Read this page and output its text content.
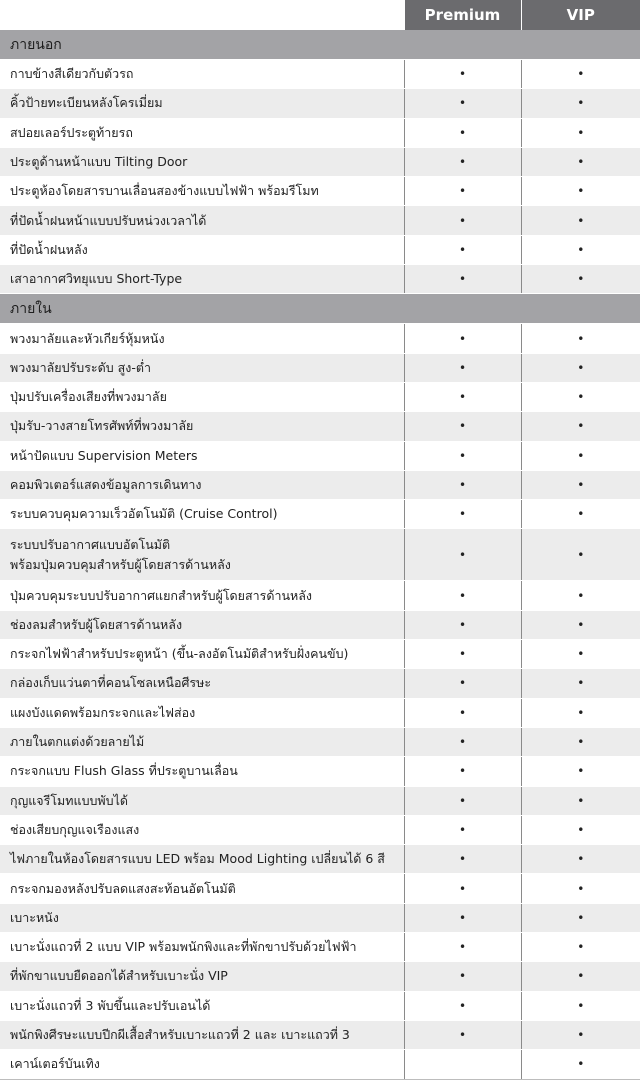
	Premium	VIP
ภายนอก		
กาบข้างสีเดียวกับตัวรถ	•	•
คิ้วป้ายทะเบียนหลังโครเมี่ยม	•	•
สปอยเลอร์ประตูท้ายรถ	•	•
ประตูด้านหน้าแบบ Tilting Door	•	•
ประตูห้องโดยสารบานเลื่อนสองข้างแบบไฟฟ้า พร้อมรีโมท	•	•
ที่ปัดน้ำฝนหน้าแบบปรับหน่วงเวลาได้	•	•
ที่ปัดน้ำฝนหลัง	•	•
เสาอากาศวิทยุแบบ Short-Type	•	•
ภายใน		
พวงมาลัยและหัวเกียร์หุ้มหนัง	•	•
พวงมาลัยปรับระดับ สูง-ต่ำ	•	•
ปุ่มปรับเครื่องเสียงที่พวงมาลัย	•	•
ปุ่มรับ-วางสายโทรศัพท์ที่พวงมาลัย	•	•
หน้าปัดแบบ Supervision Meters	•	•
คอมพิวเตอร์แสดงข้อมูลการเดินทาง	•	•
ระบบควบคุมความเร็วอัตโนมัติ (Cruise Control)	•	•
ระบบปรับอากาศแบบอัตโนมัติ
พร้อมปุ่มควบคุมสำหรับผู้โดยสารด้านหลัง	•	•
ปุ่มควบคุมระบบปรับอากาศแยกสำหรับผู้โดยสารด้านหลัง	•	•
ช่องลมสำหรับผู้โดยสารด้านหลัง	•	•
กระจกไฟฟ้าสำหรับประตูหน้า (ขึ้น-ลงอัตโนมัติสำหรับฝั่งคนขับ)	•	•
กล่องเก็บแว่นตาที่คอนโซลเหนือศีรษะ	•	•
แผงบังแดดพร้อมกระจกและไฟส่อง	•	•
ภายในตกแต่งด้วยลายไม้	•	•
กระจกแบบ Flush Glass ที่ประตูบานเลื่อน	•	•
กุญแจรีโมทแบบพับได้	•	•
ช่องเสียบกุญแจเรืองแสง	•	•
ไฟภายในห้องโดยสารแบบ LED พร้อม Mood Lighting เปลี่ยนได้ 6 สี	•	•
กระจกมองหลังปรับลดแสงสะท้อนอัตโนมัติ	•	•
เบาะหนัง	•	•
เบาะนั่งแถวที่ 2 แบบ VIP พร้อมพนักพิงและที่พักขาปรับด้วยไฟฟ้า	•	•
ที่พักขาแบบยืดออกได้สำหรับเบาะนั่ง VIP	•	•
เบาะนั่งแถวที่ 3 พับขึ้นและปรับเอนได้	•	•
พนักพิงศีรษะแบบปีกผีเสื้อสำหรับเบาะแถวที่ 2 และ เบาะแถวที่ 3	•	•
เคาน์เตอร์บันเทิง		•
